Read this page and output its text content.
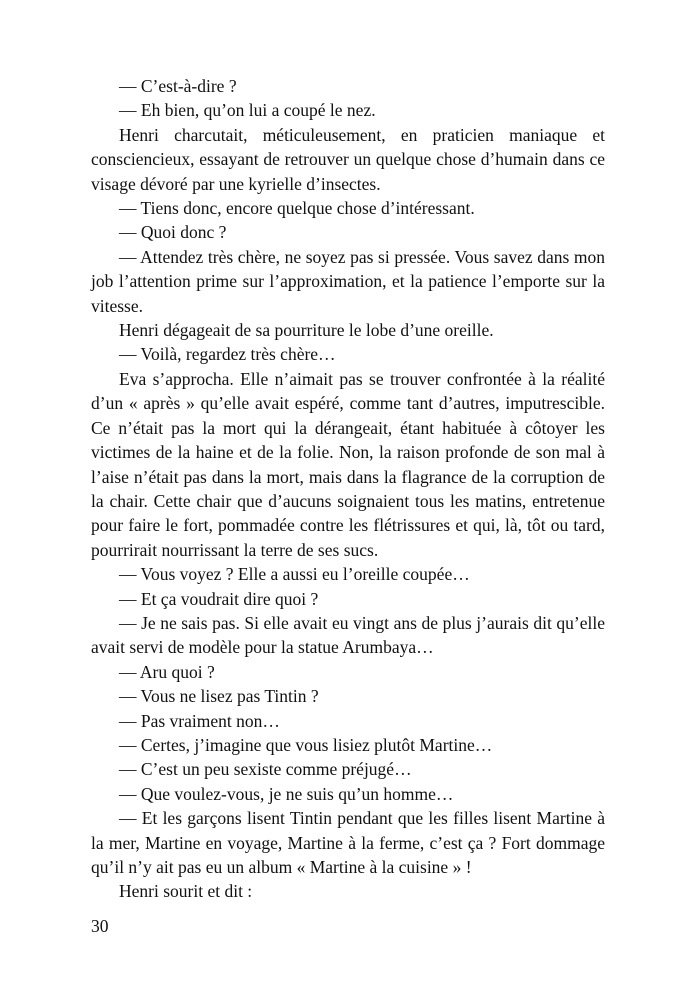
— C’est-à-dire ?

— Eh bien, qu’on lui a coupé le nez.

Henri charcutait, méticuleusement, en praticien maniaque et consciencieux, essayant de retrouver un quelque chose d’humain dans ce visage dévoré par une kyrielle d’insectes.

— Tiens donc, encore quelque chose d’intéressant.

— Quoi donc ?

— Attendez très chère, ne soyez pas si pressée. Vous savez dans mon job l’attention prime sur l’approximation, et la patience l’emporte sur la vitesse.

Henri dégageait de sa pourriture le lobe d’une oreille.

— Voilà, regardez très chère…

Eva s’approcha. Elle n’aimait pas se trouver confrontée à la réalité d’un « après » qu’elle avait espéré, comme tant d’autres, imputrescible. Ce n’était pas la mort qui la dérangeait, étant habituée à côtoyer les victimes de la haine et de la folie. Non, la raison profonde de son mal à l’aise n’était pas dans la mort, mais dans la flagrance de la corruption de la chair. Cette chair que d’aucuns soignaient tous les matins, entretenue pour faire le fort, pommadée contre les flétrissures et qui, là, tôt ou tard, pourrirait nourrissant la terre de ses sucs.

— Vous voyez ? Elle a aussi eu l’oreille coupée…

— Et ça voudrait dire quoi ?

— Je ne sais pas. Si elle avait eu vingt ans de plus j’aurais dit qu’elle avait servi de modèle pour la statue Arumbaya…

— Aru quoi ?

— Vous ne lisez pas Tintin ?

— Pas vraiment non…

— Certes, j’imagine que vous lisiez plutôt Martine…

— C’est un peu sexiste comme préjugé…

— Que voulez-vous, je ne suis qu’un homme…

— Et les garçons lisent Tintin pendant que les filles lisent Martine à la mer, Martine en voyage, Martine à la ferme, c’est ça ? Fort dommage qu’il n’y ait pas eu un album « Martine à la cuisine » !

Henri sourit et dit :

30
